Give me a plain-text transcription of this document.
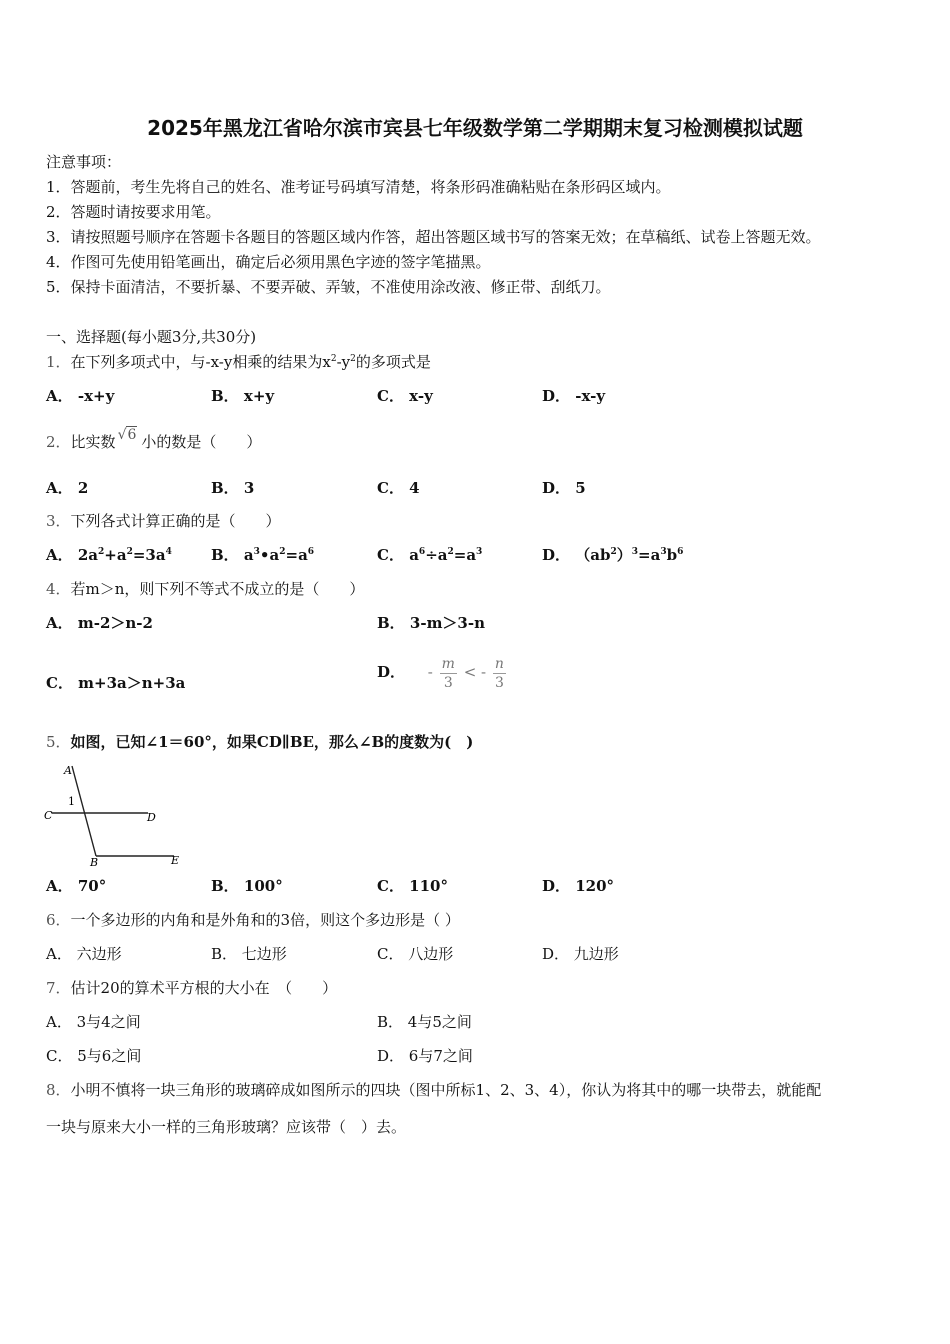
2025年黑龙江省哈尔滨市宾县七年级数学第二学期期末复习检测模拟试题
注意事项：
1．答题前，考生先将自己的姓名、准考证号码填写清楚，将条形码准确粘贴在条形码区域内。
2．答题时请按要求用笔。
3．请按照题号顺序在答题卡各题目的答题区域内作答，超出答题区域书写的答案无效；在草稿纸、试卷上答题无效。
4．作图可先使用铅笔画出，确定后必须用黑色字迹的签字笔描黑。
5．保持卡面清洁，不要折暴、不要弄破、弄皱，不准使用涂改液、修正带、刮纸刀。
一、选择题(每小题3分,共30分)
1．在下列多项式中，与-x-y相乘的结果为$x^2-y^2$的多项式是
A． -x+y	B． x+y	C． x-y	D． -x-y
2．比实数 √6 小的数是（　　）
A． 2	B． 3	C． 4	D． 5
3．下列各式计算正确的是（　　）
A． $2a^2+a^2=3a^4$	B． $a^3•a^2=a^6$	C． $a^6\div a^2=a^3$	D． $(ab^2)^3=a^3b^6$
4．若m＞n，则下列不等式不成立的是（　　）
A． m-2＞n-2	B． 3-m＞3-n
C． m+3a＞n+3a
D． - $\frac{m}{3}$ < - $\frac{n}{3}$
5．如图，已知∠1＝60°，如果CD∥BE，那么∠B的度数为(　)
A
1
C	D
B	E
A． 70°	B． 100°	C． 110°	D． 120°
6．一个多边形的内角和是外角和的3倍，则这个多边形是（ ）
A． 六边形	B． 七边形	C． 八边形	D． 九边形
7．估计20的算术平方根的大小在　（　　）
A． 3与4之间	B． 4与5之间
C． 5与6之间	D． 6与7之间
8．小明不慎将一块三角形的玻璃碎成如图所示的四块（图中所标1、2、3、4），你认为将其中的哪一块带去，就能配
一块与原来大小一样的三角形玻璃？应该带（　）去。
